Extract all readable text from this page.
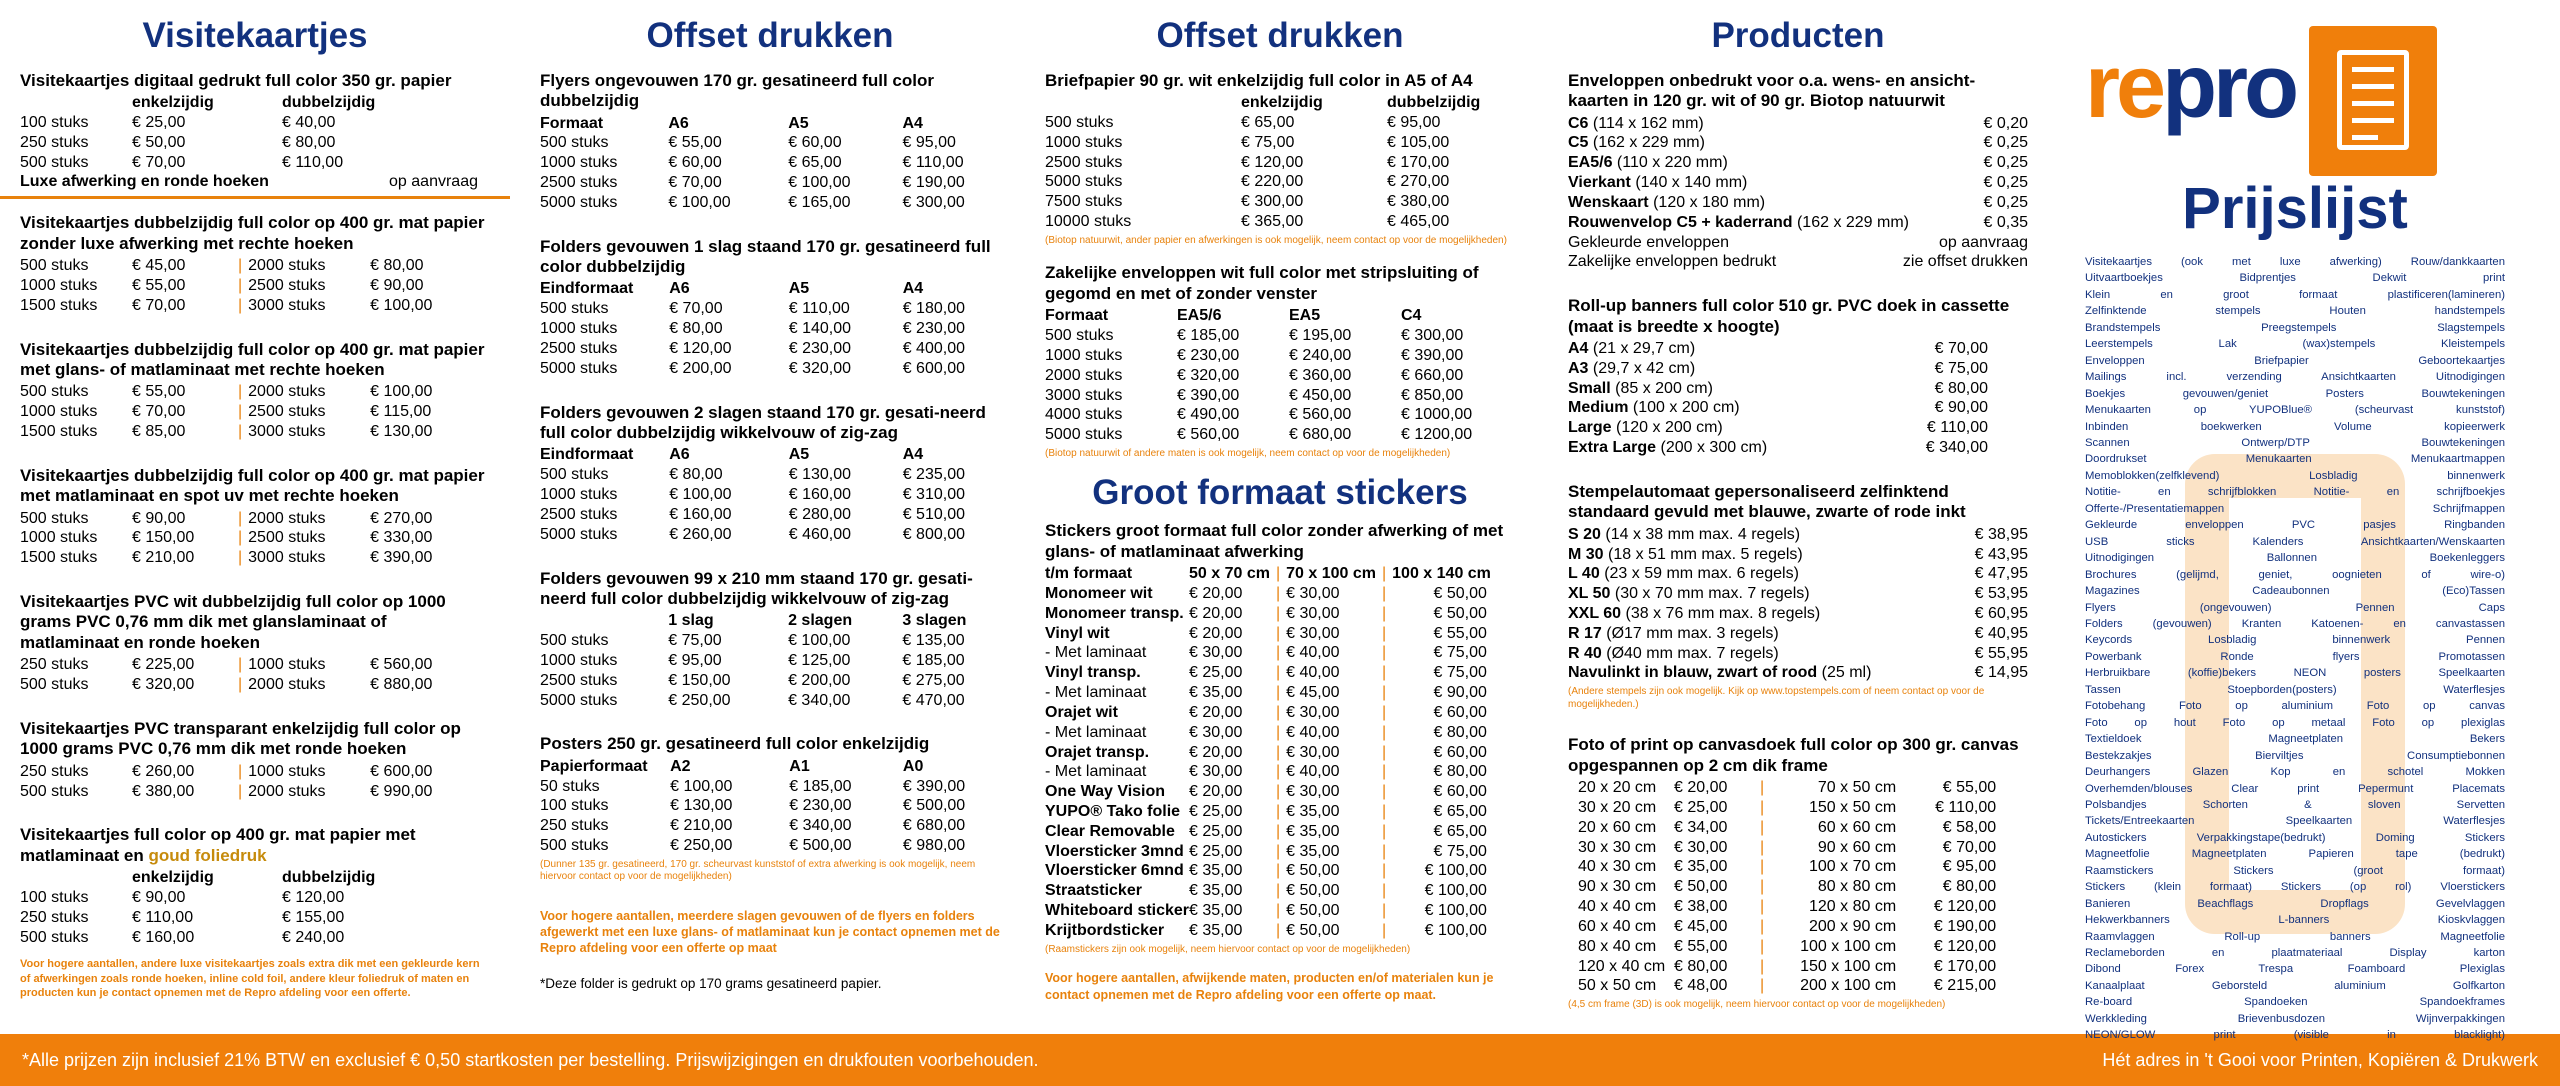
Visitekaartjes
Visitekaartjes digitaal gedrukt full color 350 gr. papier
	enkelzijdig	dubbelzijdig
100 stuks	€ 25,00	€ 40,00
250 stuks	€ 50,00	€ 80,00
500 stuks	€ 70,00	€ 110,00
Luxe afwerking en ronde hoeken	op aanvraag
Visitekaartjes dubbelzijdig full color op 400 gr. mat papier zonder luxe afwerking met rechte hoeken
500 stuks	€ 45,00	|	2000 stuks	€ 80,00
1000 stuks	€ 55,00	|	2500 stuks	€ 90,00
1500 stuks	€ 70,00	|	3000 stuks	€ 100,00
Visitekaartjes dubbelzijdig full color op 400 gr. mat papier met glans- of matlaminaat met rechte hoeken
500 stuks	€ 55,00	|	2000 stuks	€ 100,00
1000 stuks	€ 70,00	|	2500 stuks	€ 115,00
1500 stuks	€ 85,00	|	3000 stuks	€ 130,00
Visitekaartjes dubbelzijdig full color op 400 gr. mat papier met matlaminaat en spot uv met rechte hoeken
500 stuks	€ 90,00	|	2000 stuks	€ 270,00
1000 stuks	€ 150,00	|	2500 stuks	€ 330,00
1500 stuks	€ 210,00	|	3000 stuks	€ 390,00
Visitekaartjes PVC wit dubbelzijdig full color op 1000 grams PVC 0,76 mm dik met glanslaminaat of matlaminaat en ronde hoeken
250 stuks	€ 225,00	|	1000 stuks	€ 560,00
500 stuks	€ 320,00	|	2000 stuks	€ 880,00
Visitekaartjes PVC transparant enkelzijdig full color op 1000 grams PVC 0,76 mm dik met ronde hoeken
250 stuks	€ 260,00	|	1000 stuks	€ 600,00
500 stuks	€ 380,00	|	2000 stuks	€ 990,00
Visitekaartjes full color op 400 gr. mat papier met matlaminaat en goud foliedruk
	enkelzijdig	dubbelzijdig
100 stuks	€ 90,00	€ 120,00
250 stuks	€ 110,00	€ 155,00
500 stuks	€ 160,00	€ 240,00
Voor hogere aantallen, andere luxe visitekaartjes zoals extra dik met een gekleurde kern of afwerkingen zoals ronde hoeken, inline cold foil, andere kleur foliedruk of maten en producten kun je contact opnemen met de Repro afdeling voor een offerte.
Offset drukken
Flyers ongevouwen 170 gr. gesatineerd full color dubbelzijdig
Formaat	A6	A5	A4
500 stuks	€ 55,00	€ 60,00	€ 95,00
1000 stuks	€ 60,00	€ 65,00	€ 110,00
2500 stuks	€ 70,00	€ 100,00	€ 190,00
5000 stuks	€ 100,00	€ 165,00	€ 300,00
Folders gevouwen 1 slag staand 170 gr. gesatineerd full color dubbelzijdig
Eindformaat	A6	A5	A4
500 stuks	€ 70,00	€ 110,00	€ 180,00
1000 stuks	€ 80,00	€ 140,00	€ 230,00
2500 stuks	€ 120,00	€ 230,00	€ 400,00
5000 stuks	€ 200,00	€ 320,00	€ 600,00
Folders gevouwen 2 slagen staand 170 gr. gesati-neerd full color dubbelzijdig wikkelvouw of zig-zag
Eindformaat	A6	A5	A4
500 stuks	€ 80,00	€ 130,00	€ 235,00
1000 stuks	€ 100,00	€ 160,00	€ 310,00
2500 stuks	€ 160,00	€ 280,00	€ 510,00
5000 stuks	€ 260,00	€ 460,00	€ 800,00
Folders gevouwen 99 x 210 mm staand 170 gr. gesati-neerd full color dubbelzijdig wikkelvouw of zig-zag
	1 slag	2 slagen	3 slagen
500 stuks	€ 75,00	€ 100,00	€ 135,00
1000 stuks	€ 95,00	€ 125,00	€ 185,00
2500 stuks	€ 150,00	€ 200,00	€ 275,00
5000 stuks	€ 250,00	€ 340,00	€ 470,00
Posters 250 gr. gesatineerd full color enkelzijdig
Papierformaat	A2	A1	A0
50 stuks	€ 100,00	€ 185,00	€ 390,00
100 stuks	€ 130,00	€ 230,00	€ 500,00
250 stuks	€ 210,00	€ 340,00	€ 680,00
500 stuks	€ 250,00	€ 500,00	€ 980,00
(Dunner 135 gr. gesatineerd, 170 gr. scheurvast kunststof of extra afwerking is ook mogelijk, neem hiervoor contact op voor de mogelijkheden)
Voor hogere aantallen, meerdere slagen gevouwen of de flyers en folders afgewerkt met een luxe glans- of matlaminaat kun je contact opnemen met de Repro afdeling voor een offerte op maat
*Deze folder is gedrukt op 170 grams gesatineerd papier.
Offset drukken
Briefpapier 90 gr. wit enkelzijdig full color in A5 of A4
	enkelzijdig	dubbelzijdig
500 stuks	€ 65,00	€ 95,00
1000 stuks	€ 75,00	€ 105,00
2500 stuks	€ 120,00	€ 170,00
5000 stuks	€ 220,00	€ 270,00
7500 stuks	€ 300,00	€ 380,00
10000 stuks	€ 365,00	€ 465,00
(Biotop natuurwit, ander papier en afwerkingen is ook mogelijk, neem contact op voor de mogelijkheden)
Zakelijke enveloppen wit full color met stripsluiting of gegomd en met of zonder venster
Formaat	EA5/6	EA5	C4
500 stuks	€ 185,00	€ 195,00	€ 300,00
1000 stuks	€ 230,00	€ 240,00	€ 390,00
2000 stuks	€ 320,00	€ 360,00	€ 660,00
3000 stuks	€ 390,00	€ 450,00	€ 850,00
4000 stuks	€ 490,00	€ 560,00	€ 1000,00
5000 stuks	€ 560,00	€ 680,00	€ 1200,00
(Biotop natuurwit of andere maten is ook mogelijk, neem contact op voor de mogelijkheden)
Groot formaat stickers
Stickers groot formaat full color zonder afwerking of met glans- of matlaminaat afwerking
t/m formaat	50 x 70 cm	|	70 x 100 cm	|	100 x 140 cm
Monomeer wit	€ 20,00	|	€ 30,00	|	€ 50,00
Monomeer transp.	€ 20,00	|	€ 30,00	|	€ 50,00
Vinyl wit	€ 20,00	|	€ 30,00	|	€ 55,00
- Met laminaat	€ 30,00	|	€ 40,00	|	€ 75,00
Vinyl transp.	€ 25,00	|	€ 40,00	|	€ 75,00
- Met laminaat	€ 35,00	|	€ 45,00	|	€ 90,00
Orajet wit	€ 20,00	|	€ 30,00	|	€ 60,00
- Met laminaat	€ 30,00	|	€ 40,00	|	€ 80,00
Orajet transp.	€ 20,00	|	€ 30,00	|	€ 60,00
- Met laminaat	€ 30,00	|	€ 40,00	|	€ 80,00
One Way Vision	€ 20,00	|	€ 30,00	|	€ 60,00
YUPO® Tako folie	€ 25,00	|	€ 35,00	|	€ 65,00
Clear Removable	€ 25,00	|	€ 35,00	|	€ 65,00
Vloersticker 3mnd	€ 25,00	|	€ 35,00	|	€ 75,00
Vloersticker 6mnd	€ 35,00	|	€ 50,00	|	€ 100,00
Straatsticker	€ 35,00	|	€ 50,00	|	€ 100,00
Whiteboard sticker	€ 35,00	|	€ 50,00	|	€ 100,00
Krijtbordsticker	€ 35,00	|	€ 50,00	|	€ 100,00
(Raamstickers zijn ook mogelijk, neem hiervoor contact op voor de mogelijkheden)
Voor hogere aantallen, afwijkende maten, producten en/of materialen kun je contact opnemen met de Repro afdeling voor een offerte op maat.
Producten
Enveloppen onbedrukt voor o.a. wens- en ansicht-kaarten in 120 gr. wit of 90 gr. Biotop natuurwit
C6 (114 x 162 mm)	€ 0,20
C5 (162 x 229 mm)	€ 0,25
EA5/6 (110 x 220 mm)	€ 0,25
Vierkant (140 x 140 mm)	€ 0,25
Wenskaart (120 x 180 mm)	€ 0,25
Rouwenvelop C5 + kaderrand (162 x 229 mm)	€ 0,35
Gekleurde enveloppen	op aanvraag
Zakelijke enveloppen bedrukt	zie offset drukken
Roll-up banners full color 510 gr. PVC doek in cassette (maat is breedte x hoogte)
A4 (21 x 29,7 cm)	€ 70,00
A3 (29,7 x 42 cm)	€ 75,00
Small (85 x 200 cm)	€ 80,00
Medium (100 x 200 cm)	€ 90,00
Large (120 x 200 cm)	€ 110,00
Extra Large (200 x 300 cm)	€ 340,00
Stempelautomaat gepersonaliseerd zelfinktend standaard gevuld met blauwe, zwarte of rode inkt
S 20 (14 x 38 mm max. 4 regels)	€ 38,95
M 30 (18 x 51 mm max. 5 regels)	€ 43,95
L 40 (23 x 59 mm max. 6 regels)	€ 47,95
XL 50 (30 x 70 mm max. 7 regels)	€ 53,95
XXL 60 (38 x 76 mm max. 8 regels)	€ 60,95
R 17 (Ø17 mm max. 3 regels)	€ 40,95
R 40 (Ø40 mm max. 7 regels)	€ 55,95
Navulinkt in blauw, zwart of rood (25 ml)	€ 14,95
(Andere stempels zijn ook mogelijk. Kijk op www.topstempels.com of neem contact op voor de mogelijkheden.)
Foto of print op canvasdoek full color op 300 gr. canvas opgespannen op 2 cm dik frame
20 x 20 cm	€ 20,00	|	70 x 50 cm	€ 55,00
30 x 20 cm	€ 25,00	|	150 x 50 cm	€ 110,00
20 x 60 cm	€ 34,00	|	60 x 60 cm	€ 58,00
30 x 30 cm	€ 30,00	|	90 x 60 cm	€ 70,00
40 x 30 cm	€ 35,00	|	100 x 70 cm	€ 95,00
90 x 30 cm	€ 50,00	|	80 x 80 cm	€ 80,00
40 x 40 cm	€ 38,00	|	120 x 80 cm	€ 120,00
60 x 40 cm	€ 45,00	|	200 x 90 cm	€ 190,00
80 x 40 cm	€ 55,00	|	100 x 100 cm	€ 120,00
120 x 40 cm	€ 80,00	|	150 x 100 cm	€ 170,00
50 x 50 cm	€ 48,00	|	200 x 100 cm	€ 215,00
(4,5 cm frame (3D) is ook mogelijk, neem hiervoor contact op voor de mogelijkheden)
repro
Prijslijst
Visitekaartjes (ook met luxe afwerking)	Rouw/dankkaarten
Uitvaartboekjes	Bidprentjes	Dekwit print
Klein	en	groot	formaat	plastificeren(lamineren)
Zelfinktende	stempels	Houten handstempels
Brandstempels	Preegstempels	Slagstempels
Leerstempels	Lak (wax)stempels	Kleistempels
Enveloppen	Briefpapier	Geboortekaartjes
Mailings incl. verzending	Ansichtkaarten	Uitnodigingen
Boekjes gevouwen/geniet	Posters	Bouwtekeningen
Menukaarten	op	YUPOBlue®	(scheurvast	kunststof)
Inbinden boekwerken	Volume kopieerwerk
Scannen	Ontwerp/DTP	Bouwtekeningen
Doordrukset	Menukaarten	Menukaartmappen
Memoblokken(zelfklevend)	Losbladig binnenwerk
Notitie- en schrijfblokken	Notitie- en schrijfboekjes
Offerte-/Presentatiemappen	Schrijfmappen
Gekleurde enveloppen	PVC pasjes	Ringbanden
USB sticks	Kalenders	Ansichtkaarten/Wenskaarten
Uitnodigingen	Ballonnen	Boekenleggers
Brochures	(gelijmd,	geniet,	oognieten	of	wire-o)
Magazines	Cadeaubonnen	(Eco)Tassen
Flyers (ongevouwen)	Pennen	Caps
Folders (gevouwen)	Kranten	Katoenen- en canvastassen
Keycords	Losbladig binnenwerk	Pennen
Powerbank	Ronde flyers	Promotassen
Herbruikbare (koffie)bekers	NEON posters	Speelkaarten
Tassen	Stoepborden(posters)	Waterflesjes
Fotobehang	Foto op aluminium	Foto op canvas
Foto op hout Foto op metaal Foto op plexiglas
Textieldoek	Magneetplaten	Bekers
Bestekzakjes	Bierviltjes	Consumptiebonnen
Deurhangers	Glazen	Kop en schotel	Mokken
Overhemden/blouses	Clear print	Pepermunt	Placemats
Polsbandjes	Schorten & sloven	Servetten
Tickets/Entreekaarten	Speelkaarten	Waterflesjes
Autostickers	Verpakkingstape(bedrukt)	Doming Stickers
Magneetfolie	Magneetplaten	Papieren tape (bedrukt)
Raamstickers	Stickers	(groot	formaat)
Stickers (klein formaat)	Stickers (op rol)	Vloerstickers
Banieren	Beachflags	Dropflags	Gevelvlaggen
Hekwerkbanners	L-banners	Kioskvlaggen
Raamvlaggen	Roll-up banners	Magneetfolie
Reclameborden en plaatmateriaal	Display karton
Dibond	Forex	Trespa	Foamboard	Plexiglas
Kanaalplaat	Geborsteld aluminium	Golfkarton
Re-board	Spandoeken	Spandoekframes
Werkkleding	Brievenbusdozen	Wijnverpakkingen
NEON/GLOW	print	(visible	in	blacklight)
*Alle prijzen zijn inclusief 21% BTW en exclusief € 0,50 startkosten per bestelling. Prijswijzigingen en drukfouten voorbehouden.	Hét adres in 't Gooi voor Printen, Kopiëren & Drukwerk
